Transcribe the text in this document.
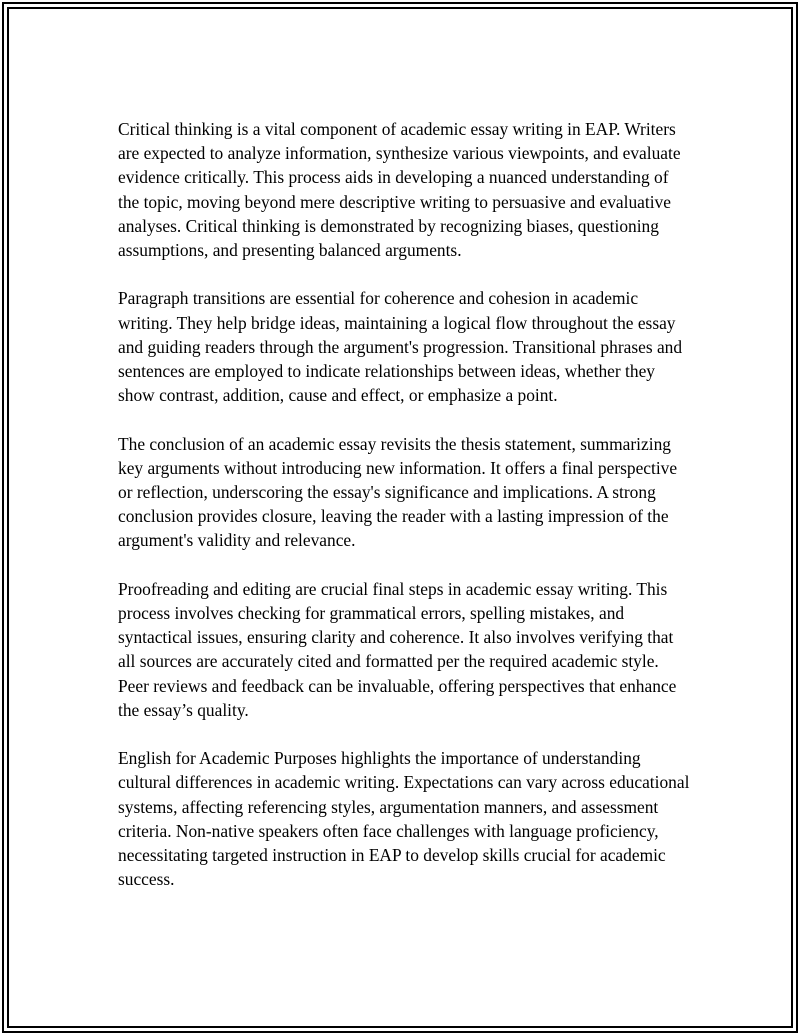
Critical thinking is a vital component of academic essay writing in EAP. Writers are expected to analyze information, synthesize various viewpoints, and evaluate evidence critically. This process aids in developing a nuanced understanding of the topic, moving beyond mere descriptive writing to persuasive and evaluative analyses. Critical thinking is demonstrated by recognizing biases, questioning assumptions, and presenting balanced arguments.

Paragraph transitions are essential for coherence and cohesion in academic writing. They help bridge ideas, maintaining a logical flow throughout the essay and guiding readers through the argument's progression. Transitional phrases and sentences are employed to indicate relationships between ideas, whether they show contrast, addition, cause and effect, or emphasize a point.

The conclusion of an academic essay revisits the thesis statement, summarizing key arguments without introducing new information. It offers a final perspective or reflection, underscoring the essay's significance and implications. A strong conclusion provides closure, leaving the reader with a lasting impression of the argument's validity and relevance.

Proofreading and editing are crucial final steps in academic essay writing. This process involves checking for grammatical errors, spelling mistakes, and syntactical issues, ensuring clarity and coherence. It also involves verifying that all sources are accurately cited and formatted per the required academic style. Peer reviews and feedback can be invaluable, offering perspectives that enhance the essay’s quality.

English for Academic Purposes highlights the importance of understanding cultural differences in academic writing. Expectations can vary across educational systems, affecting referencing styles, argumentation manners, and assessment criteria. Non-native speakers often face challenges with language proficiency, necessitating targeted instruction in EAP to develop skills crucial for academic success.
